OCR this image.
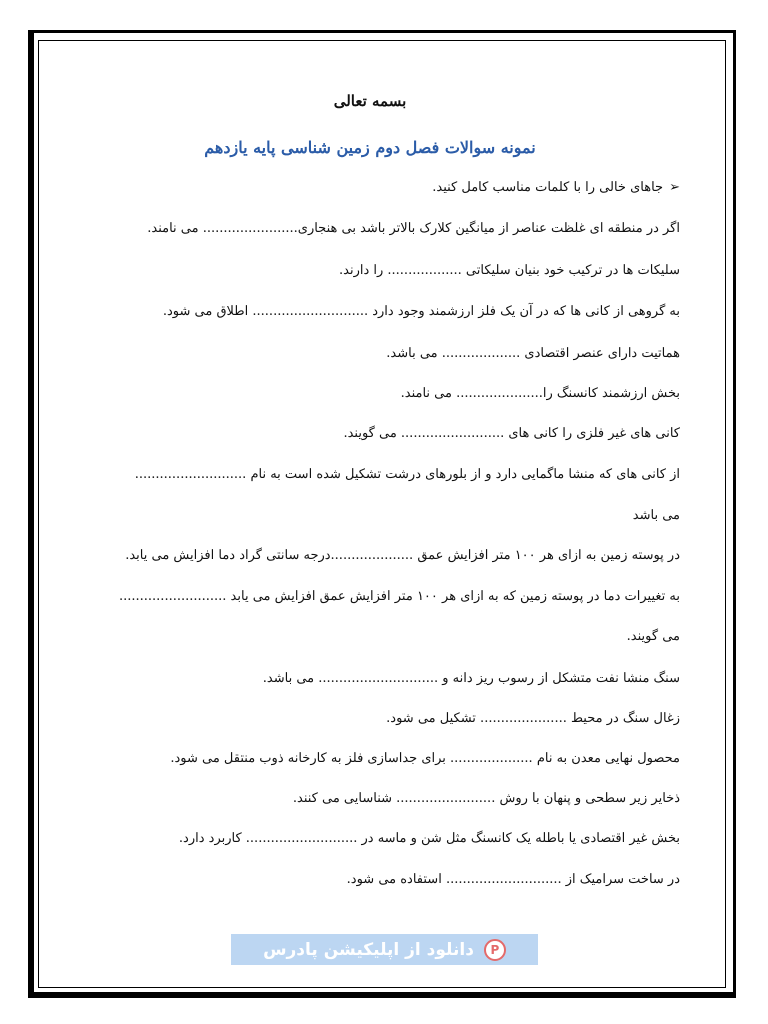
بسمه تعالی

نمونه سوالات فصل دوم زمین شناسی پایه یازدهم

➢جاهای خالی را با کلمات مناسب کامل کنید.

اگر در منطقه ای غلظت عناصر از میانگین کلارک بالاتر باشد بی هنجاری....................... می نامند.

سلیکات ها در ترکیب خود بنیان سلیکاتی .................. را دارند.

به گروهی از کانی ها که در آن یک فلز ارزشمند وجود دارد ............................ اطلاق می شود.

هماتیت دارای عنصر اقتصادی ................... می باشد.

بخش ارزشمند کانسنگ را..................... می نامند.

کانی های غیر فلزی را کانی های ......................... می گویند.

از کانی های که منشا ماگمایی دارد و از بلورهای درشت تشکیل شده است به نام ...........................

می باشد

در پوسته زمین به ازای هر ۱۰۰ متر افزایش عمق ....................درجه سانتی گراد دما افزایش می یابد.

به تغییرات دما در پوسته زمین که به ازای هر ۱۰۰ متر افزایش عمق افزایش می یابد ..........................

می گویند.

سنگ منشا نفت متشکل از رسوب ریز دانه و ............................. می باشد.

زغال سنگ در محیط ..................... تشکیل می شود.

محصول نهایی معدن به نام .................... برای جداسازی فلز به کارخانه ذوب منتقل می شود.

ذخایر زیر سطحی و پنهان با روش ........................ شناسایی می کنند.

بخش غیر اقتصادی یا باطله یک کانسنگ مثل شن و ماسه در ........................... کاربرد دارد.

در ساخت سرامیک از ............................ استفاده می شود.

P
دانلود از اپلیکیشن پادرس
